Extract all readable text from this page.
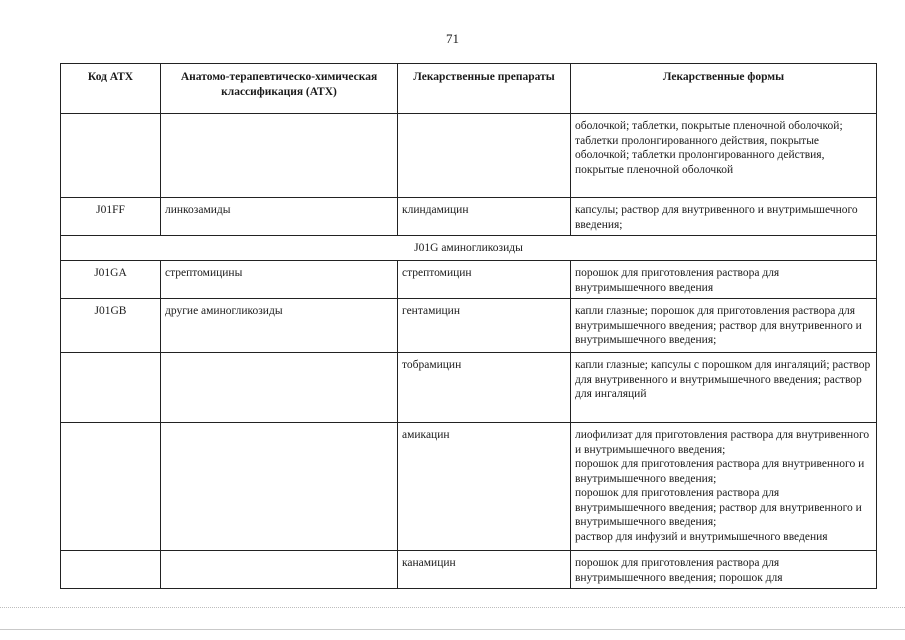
71
Код АТХ	Анатомо-терапевтическо-химическая классификация (АТХ)	Лекарственные препараты	Лекарственные формы
			оболочкой; таблетки, покрытые пленочной оболочкой;
таблетки пролонгированного действия, покрытые оболочкой; таблетки пролонгированного действия, покрытые пленочной оболочкой
J01FF	линкозамиды	клиндамицин	капсулы; раствор для внутривенного и внутримышечного введения;
J01G аминогликозиды			
J01GA	стрептомицины	стрептомицин	порошок для приготовления раствора для внутримышечного введения
J01GB	другие аминогликозиды	гентамицин	капли глазные; порошок для приготовления раствора для внутримышечного введения; раствор для внутривенного и внутримышечного введения;
		тобрамицин	капли глазные; капсулы с порошком для ингаляций; раствор для внутривенного и внутримышечного введения; раствор для ингаляций
		амикацин	лиофилизат для приготовления раствора для внутривенного и внутримышечного введения;
порошок для приготовления раствора для внутривенного и внутримышечного введения;
порошок для приготовления раствора для внутримышечного введения; раствор для внутривенного и внутримышечного введения;
раствор для инфузий и внутримышечного введения
		канамицин	порошок для приготовления раствора для внутримышечного введения; порошок для
